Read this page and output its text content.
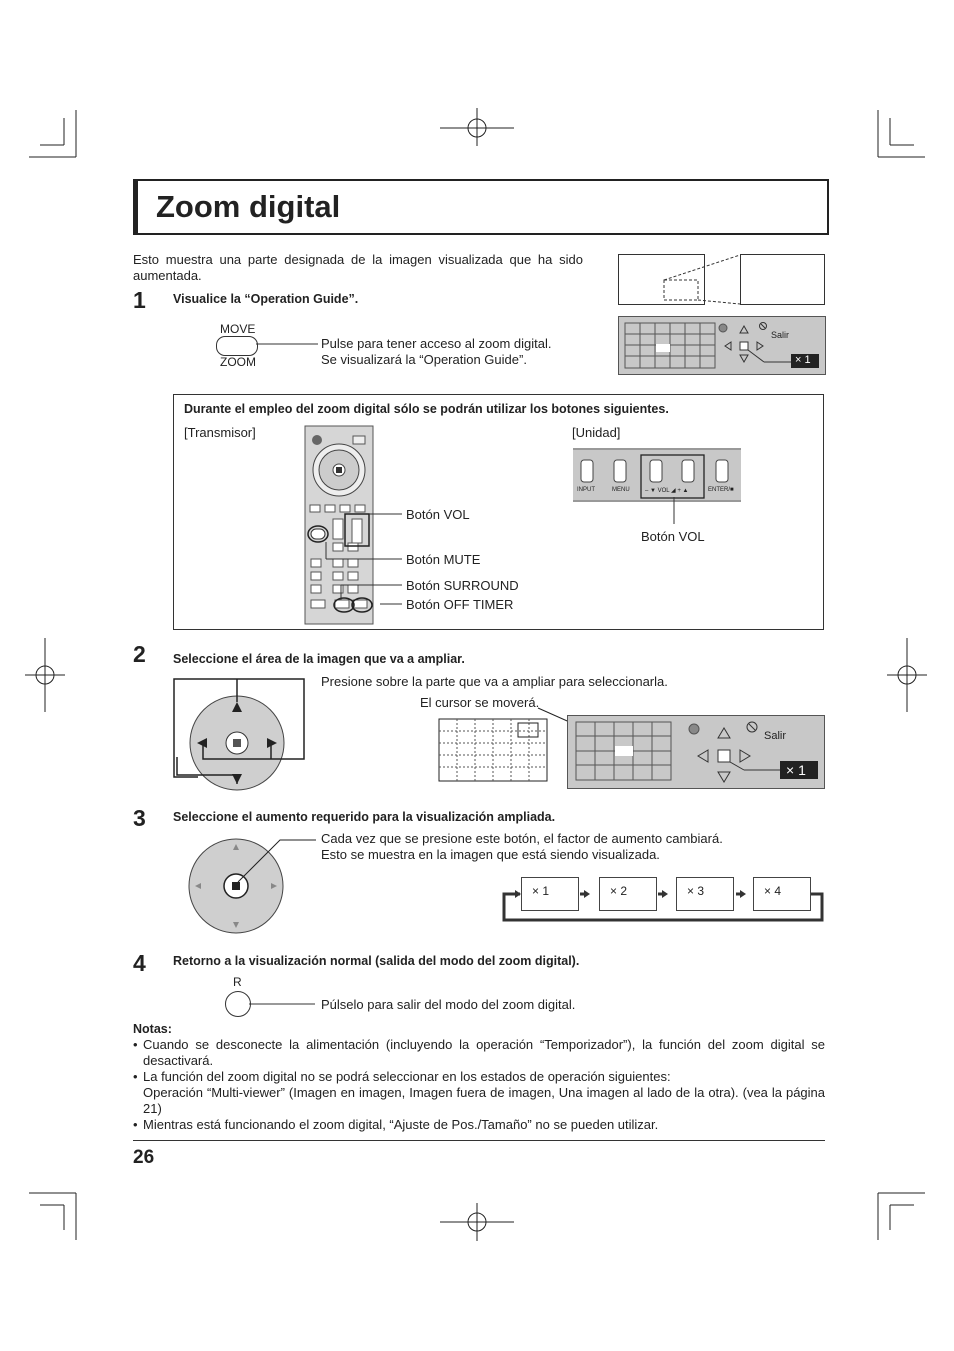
Zoom digital
Esto muestra una parte designada de la imagen visualizada que ha sido aumentada.
1 Visualice la “Operation Guide”.
MOVE
ZOOM
Pulse para tener acceso al zoom digital.
Se visualizará la “Operation Guide”.
Salir
× 1
Durante el empleo del zoom digital sólo se podrán utilizar los botones siguientes.
[Transmisor]	[Unidad]
Botón VOL
Botón MUTE
Botón SURROUND
Botón OFF TIMER
INPUT	MENU	– ▼ VOL ◢ + ▲	ENTER/■
Botón VOL
2 Seleccione el área de la imagen que va a ampliar.
Presione sobre la parte que va a ampliar para seleccionarla.
El cursor se moverá.
Salir
× 1
3 Seleccione el aumento requerido para la visualización ampliada.
Cada vez que se presione este botón, el factor de aumento cambiará.
Esto se muestra en la imagen que está siendo visualizada.
× 1	× 2	× 3	× 4
4 Retorno a la visualización normal (salida del modo del zoom digital).
R
Púlselo para salir del modo del zoom digital.
Notas:
• Cuando se desconecte la alimentación (incluyendo la operación “Temporizador”), la función del zoom digital se desactivará.
• La función del zoom digital no se podrá seleccionar en los estados de operación siguientes:
Operación “Multi-viewer” (Imagen en imagen, Imagen fuera de imagen, Una imagen al lado de la otra). (vea la página 21)
• Mientras está funcionando el zoom digital, “Ajuste de Pos./Tamaño” no se pueden utilizar.
26
